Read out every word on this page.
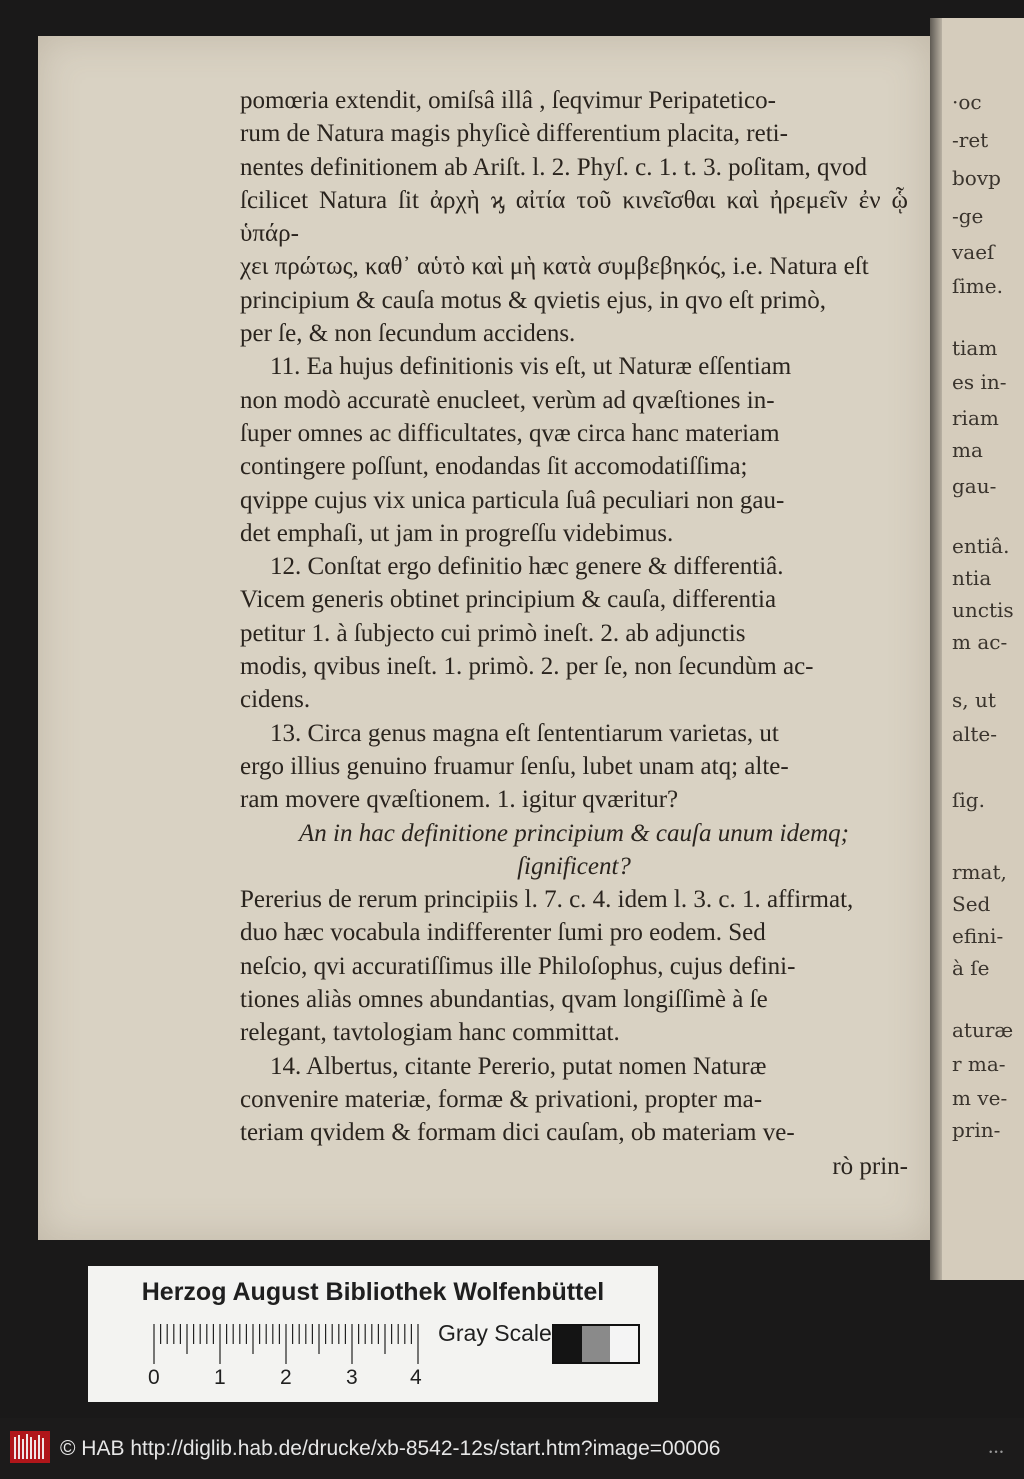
·oc
-ret
bovp
-ge
vaeſ
ſime.
tiam
es in-
riam
ma
gau-
entiâ.
ntia
unctis
m ac-
s, ut
alte-
ſig.
rmat,
Sed
efini-
à ſe
aturæ
r ma-
m ve-
prin-

pomœria extendit, omiſsâ illâ , ſeqvimur Peripatetico-

rum de Natura magis phyſicè differentium placita, reti-

nentes definitionem ab Ariſt. l. 2. Phyſ. c. 1. t. 3. poſitam, qvod

ſcilicet Natura ſit ἀρχὴ ϗ αἰτία τοῦ κινεῖσθαι καὶ ἠρεμεῖν ἐν ᾧ ὑπάρ-

χει πρώτως, καθ᾽ αὑτὸ καὶ μὴ κατὰ συμβεβηκός, i.e. Natura eſt

principium & cauſa motus & qvietis ejus, in qvo eſt primò,

per ſe, & non ſecundum accidens.

11. Ea hujus definitionis vis eſt, ut Naturæ eſſentiam

non modò accuratè enucleet, verùm ad qvæſtiones in-

ſuper omnes ac difficultates, qvæ circa hanc materiam

contingere poſſunt, enodandas ſit accomodatiſſima;

qvippe cujus vix unica particula ſuâ peculiari non gau-

det emphaſi, ut jam in progreſſu videbimus.

12. Conſtat ergo definitio hæc genere & differentiâ.

Vicem generis obtinet principium & cauſa, differentia

petitur 1. à ſubjecto cui primò ineſt. 2. ab adjunctis

modis, qvibus ineſt. 1. primò. 2. per ſe, non ſecundùm ac-

cidens.

13. Circa genus magna eſt ſententiarum varietas, ut

ergo illius genuino fruamur ſenſu, lubet unam atq; alte-

ram movere qvæſtionem. 1. igitur qværitur?

An in hac definitione principium & cauſa unum idemq;

ſignificent?

Pererius de rerum principiis l. 7. c. 4. idem l. 3. c. 1. affirmat,

duo hæc vocabula indifferenter ſumi pro eodem. Sed

neſcio, qvi accuratiſſimus ille Philoſophus, cujus defini-

tiones aliàs omnes abundantias, qvam longiſſimè à ſe

relegant, tavtologiam hanc committat.

14. Albertus, citante Pererio, putat nomen Naturæ

convenire materiæ, formæ & privationi, propter ma-

teriam qvidem & formam dici cauſam, ob materiam ve-

rò prin-

Herzog August Bibliothek Wolfenbüttel
Gray Scale
0	1	2	3 4
© HAB http://diglib.hab.de/drucke/xb-8542-12s/start.htm?image=00006	•••
